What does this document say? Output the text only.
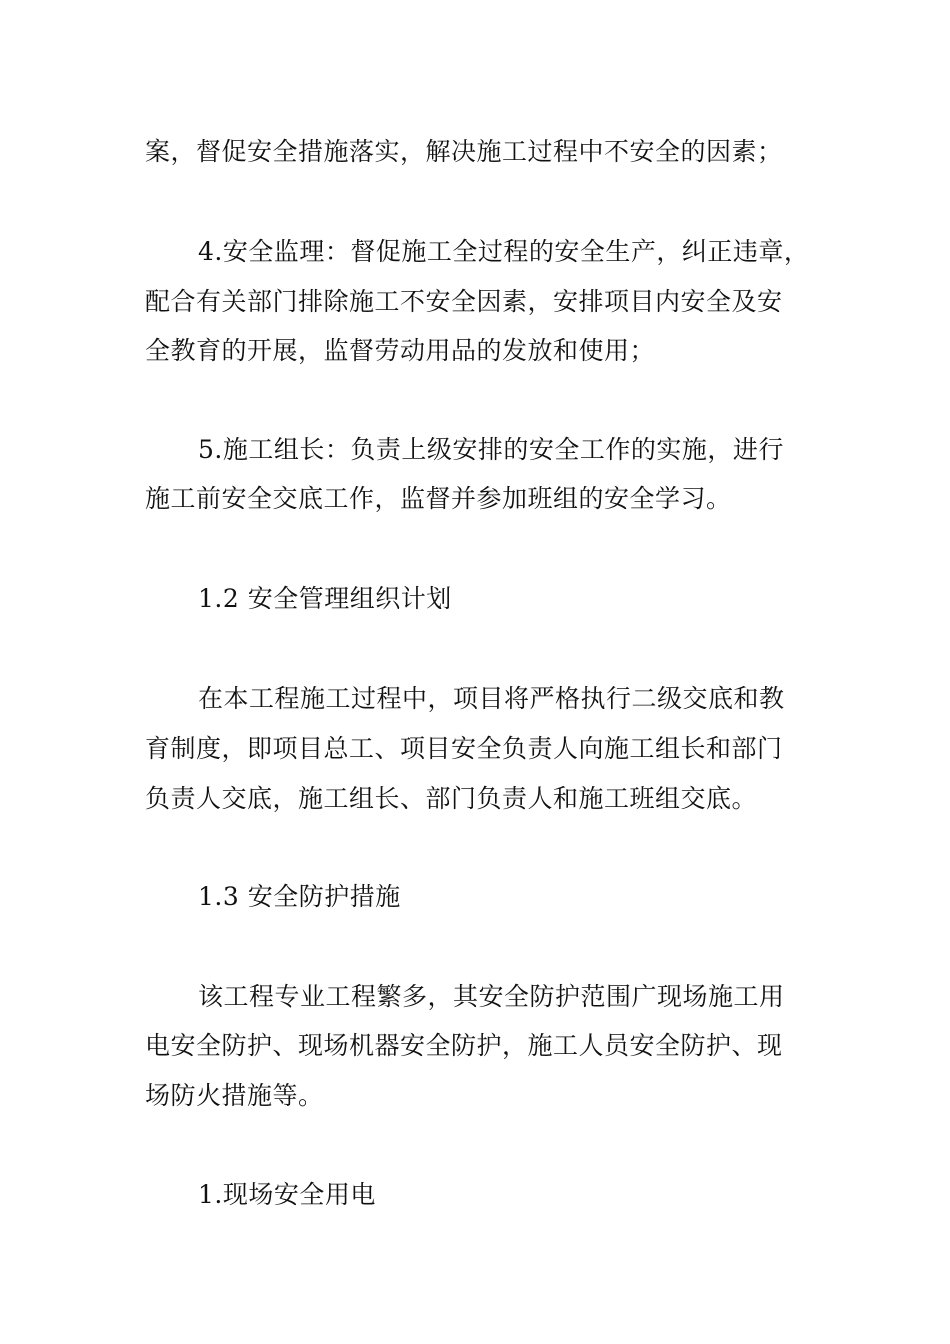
案，督促安全措施落实，解决施工过程中不安全的因素；
4.安全监理：督促施工全过程的安全生产，纠正违章，
配合有关部门排除施工不安全因素，安排项目内安全及安
全教育的开展，监督劳动用品的发放和使用；
5.施工组长：负责上级安排的安全工作的实施，进行
施工前安全交底工作，监督并参加班组的安全学习。
1.2 安全管理组织计划
在本工程施工过程中，项目将严格执行二级交底和教
育制度，即项目总工、项目安全负责人向施工组长和部门
负责人交底，施工组长、部门负责人和施工班组交底。
1.3 安全防护措施
该工程专业工程繁多，其安全防护范围广现场施工用
电安全防护、现场机器安全防护，施工人员安全防护、现
场防火措施等。
1.现场安全用电
